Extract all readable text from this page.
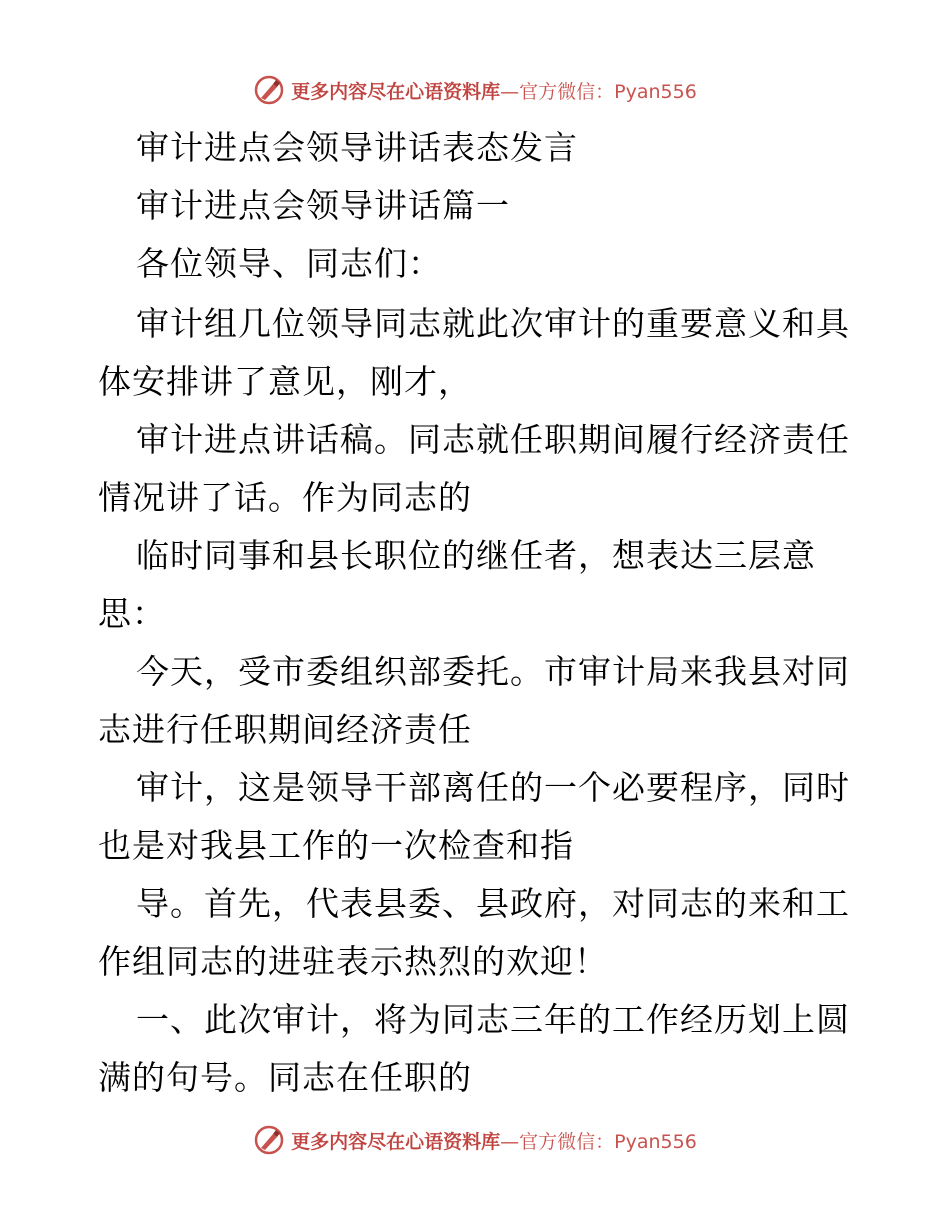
更多内容尽在心语资料库—官方微信：Pyan556
审计进点会领导讲话表态发言
审计进点会领导讲话篇一
各位领导、同志们：
审计组几位领导同志就此次审计的重要意义和具
体安排讲了意见，刚才，
审计进点讲话稿。同志就任职期间履行经济责任
情况讲了话。作为同志的
临时同事和县长职位的继任者，想表达三层意
思：
今天，受市委组织部委托。市审计局来我县对同
志进行任职期间经济责任
审计，这是领导干部离任的一个必要程序，同时
也是对我县工作的一次检查和指
导。首先，代表县委、县政府，对同志的来和工
作组同志的进驻表示热烈的欢迎！
一、此次审计，将为同志三年的工作经历划上圆
满的句号。同志在任职的
更多内容尽在心语资料库—官方微信：Pyan556
